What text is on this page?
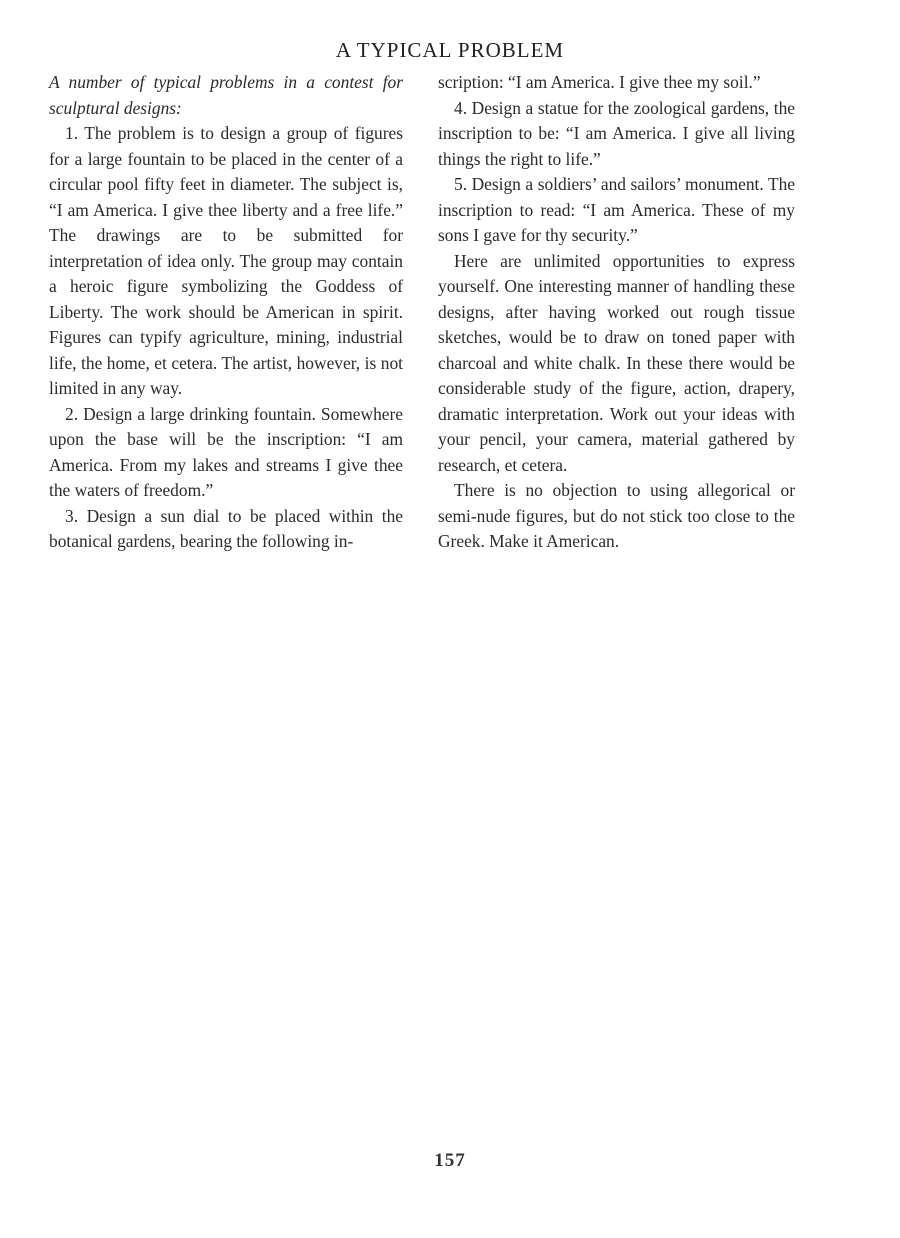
A TYPICAL PROBLEM

A number of typical problems in a contest for sculptural designs:

1. The problem is to design a group of figures for a large fountain to be placed in the center of a circular pool fifty feet in diameter. The subject is, “I am America. I give thee liberty and a free life.” The drawings are to be submitted for interpretation of idea only. The group may contain a heroic figure symbolizing the Goddess of Liberty. The work should be American in spirit. Figures can typify agriculture, mining, industrial life, the home, et cetera. The artist, however, is not limited in any way.

2. Design a large drinking fountain. Somewhere upon the base will be the inscription: “I am America. From my lakes and streams I give thee the waters of freedom.”

3. Design a sun dial to be placed within the botanical gardens, bearing the following in-

scription: “I am America. I give thee my soil.”

4. Design a statue for the zoological gardens, the inscription to be: “I am America. I give all living things the right to life.”

5. Design a soldiers’ and sailors’ monument. The inscription to read: “I am America. These of my sons I gave for thy security.”

Here are unlimited opportunities to express yourself. One interesting manner of handling these designs, after having worked out rough tissue sketches, would be to draw on toned paper with charcoal and white chalk. In these there would be considerable study of the figure, action, drapery, dramatic interpretation. Work out your ideas with your pencil, your camera, material gathered by research, et cetera.

There is no objection to using allegorical or semi-nude figures, but do not stick too close to the Greek. Make it American.

157
